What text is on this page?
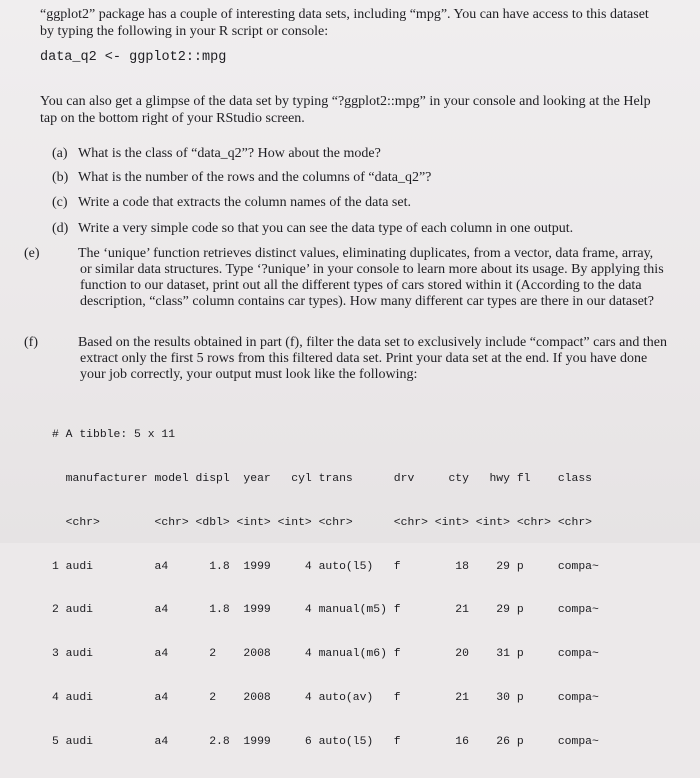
“ggplot2” package has a couple of interesting data sets, including “mpg”. You can have access to this dataset by typing the following in your R script or console:

data_q2 <- ggplot2::mpg

You can also get a glimpse of the data set by typing “?ggplot2::mpg” in your console and looking at the Help tap on the bottom right of your RStudio screen.

(a) What is the class of “data_q2”? How about the mode?
(b) What is the number of the rows and the columns of “data_q2”?
(c) Write a code that extracts the column names of the data set.
(d) Write a very simple code so that you can see the data type of each column in one output.
(e)	The ‘unique’ function retrieves distinct values, eliminating duplicates, from a vector, data frame, array, or similar data structures. Type ‘?unique’ in your console to learn more about its usage. By applying this function to our dataset, print out all the different types of cars stored within it (According to the data description, “class” column contains car types). How many different car types are there in our dataset?
(f)	Based on the results obtained in part (f), filter the data set to exclusively include “compact” cars and then extract only the first 5 rows from this filtered data set. Print your data set at the end. If you have done your job correctly, your output must look like the following:

# A tibble: 5 x 11

manufacturer model displ  year   cyl trans      drv     cty   hwy fl    class

<chr>        <chr> <dbl> <int> <int> <chr>      <chr> <int> <int> <chr> <chr>

1 audi         a4      1.8  1999     4 auto(l5)   f        18    29 p     compa~

2 audi         a4      1.8  1999     4 manual(m5) f        21    29 p     compa~

3 audi         a4      2    2008     4 manual(m6) f        20    31 p     compa~

4 audi         a4      2    2008     4 auto(av)   f        21    30 p     compa~

5 audi         a4      2.8  1999     6 auto(l5)   f        16    26 p     compa~
